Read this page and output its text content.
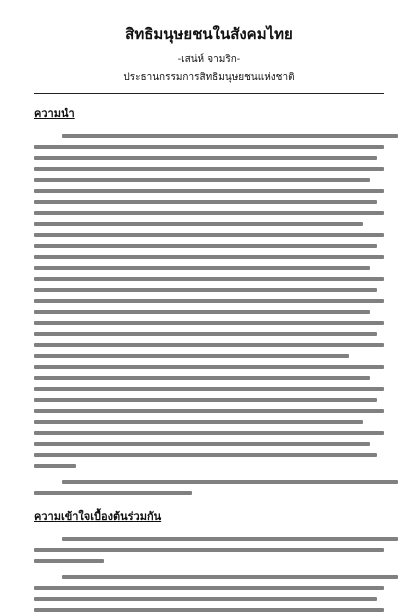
สิทธิมนุษยชนในสังคมไทย
-เสน่ห์ จามริก-
ประธานกรรมการสิทธิมนุษยชนแห่งชาติ
ความนำ
ความเข้าใจเบื้องต้นร่วมกัน
